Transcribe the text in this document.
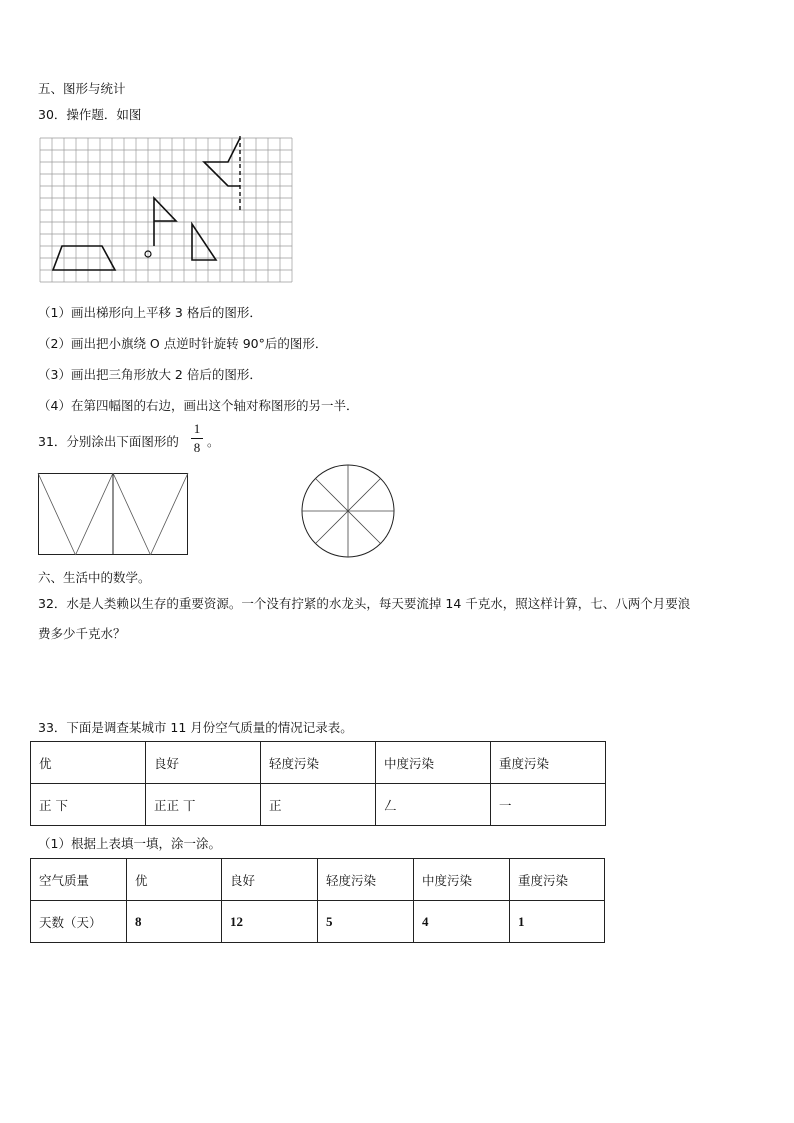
五、图形与统计
30．操作题．如图
（1）画出梯形向上平移 3 格后的图形．
（2）画出把小旗绕 O 点逆时针旋转 90°后的图形．
（3）画出把三角形放大 2 倍后的图形．
（4）在第四幅图的右边，画出这个轴对称图形的另一半．
31．分别涂出下面图形的
1
8 。
六、生活中的数学。
32．水是人类赖以生存的重要资源。一个没有拧紧的水龙头，每天要流掉 14 千克水，照这样计算，七、八两个月要浪
费多少千克水？
33．下面是调查某城市 11 月份空气质量的情况记录表。
优	良好	轻度污染	中度污染	重度污染
正 下	正正 丅	正	𠃋	⼀
（1）根据上表填一填，涂一涂。
空气质量	优	良好	轻度污染	中度污染	重度污染
天数（天）	8	12	5	4	1
